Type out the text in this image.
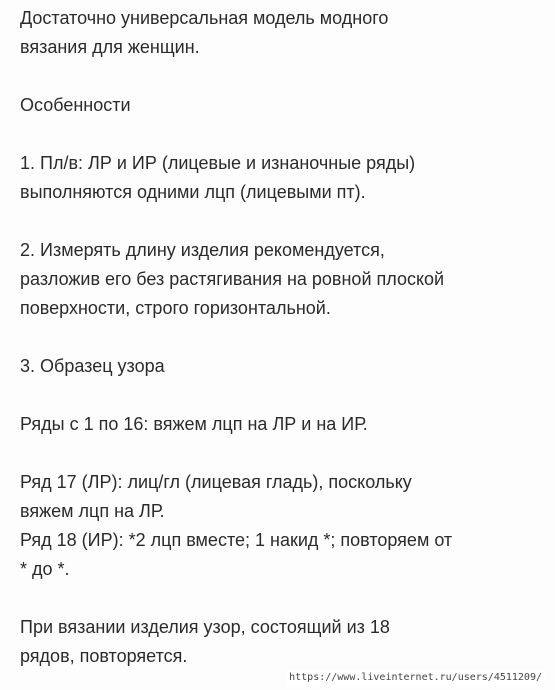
Достаточно универсальная модель модного
вязания для женщин.

Особенности

1. Пл/в: ЛР и ИР (лицевые и изнаночные ряды)
выполняются одними лцп (лицевыми пт).

2. Измерять длину изделия рекомендуется,
разложив его без растягивания на ровной плоской
поверхности, строго горизонтальной.

3. Образец узора

Ряды с 1 по 16: вяжем лцп на ЛР и на ИР.

Ряд 17 (ЛР): лиц/гл (лицевая гладь), поскольку
вяжем лцп на ЛР.
Ряд 18 (ИР): *2 лцп вместе; 1 накид *; повторяем от
* до *.

При вязании изделия узор, состоящий из 18
рядов, повторяется.

https://www.liveinternet.ru/users/4511209/
